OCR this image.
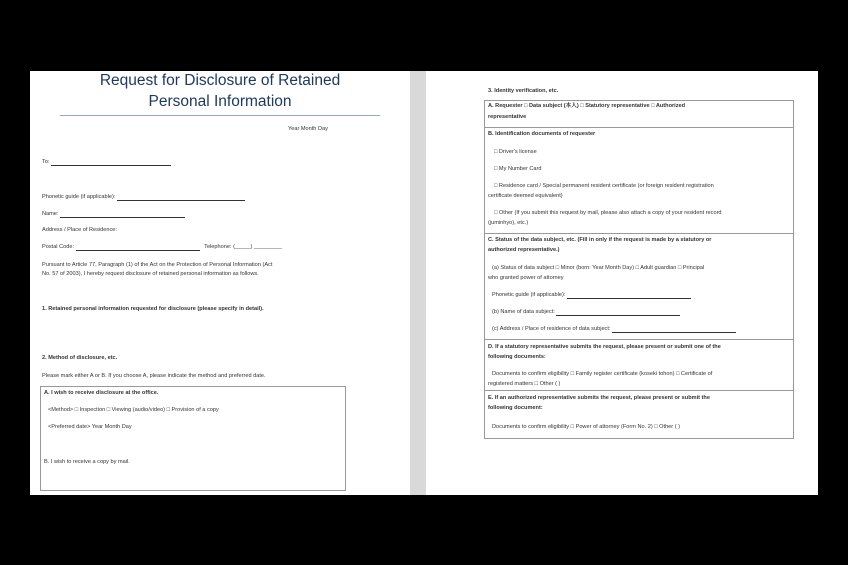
Request for Disclosure of Retained
Personal Information
Year Month Day
To:
Phonetic guide (if applicable):
Name:
Address / Place of Residence:
Postal Code:	Telephone: (_____) _________
Pursuant to Article 77, Paragraph (1) of the Act on the Protection of Personal Information (Act
No. 57 of 2003), I hereby request disclosure of retained personal information as follows.
1. Retained personal information requested for disclosure (please specify in detail).
2. Method of disclosure, etc.
Please mark either A or B. If you choose A, please indicate the method and preferred date.
A. I wish to receive disclosure at the office.
<Method> □ Inspection □ Viewing (audio/video) □ Provision of a copy
<Preferred date> Year Month Day
B. I wish to receive a copy by mail.
3. Identity verification, etc.
A. Requester □ Data subject (本人) □ Statutory representative □ Authorized
representative
B. Identification documents of requester
□ Driver's license
□ My Number Card
□ Residence card / Special permanent resident certificate (or foreign resident registration
certificate deemed equivalent)
□ Other (If you submit this request by mail, please also attach a copy of your resident record
(juminhyo), etc.)
C. Status of the data subject, etc. (Fill in only if the request is made by a statutory or
authorized representative.)
(a) Status of data subject □ Minor (born: Year Month Day) □ Adult guardian □ Principal
who granted power of attorney
Phonetic guide (if applicable):
(b) Name of data subject:
(c) Address / Place of residence of data subject:
D. If a statutory representative submits the request, please present or submit one of the
following documents:
Documents to confirm eligibility □ Family register certificate (koseki tohon) □ Certificate of
registered matters □ Other ( )
E. If an authorized representative submits the request, please present or submit the
following document:
Documents to confirm eligibility □ Power of attorney (Form No. 2) □ Other ( )
